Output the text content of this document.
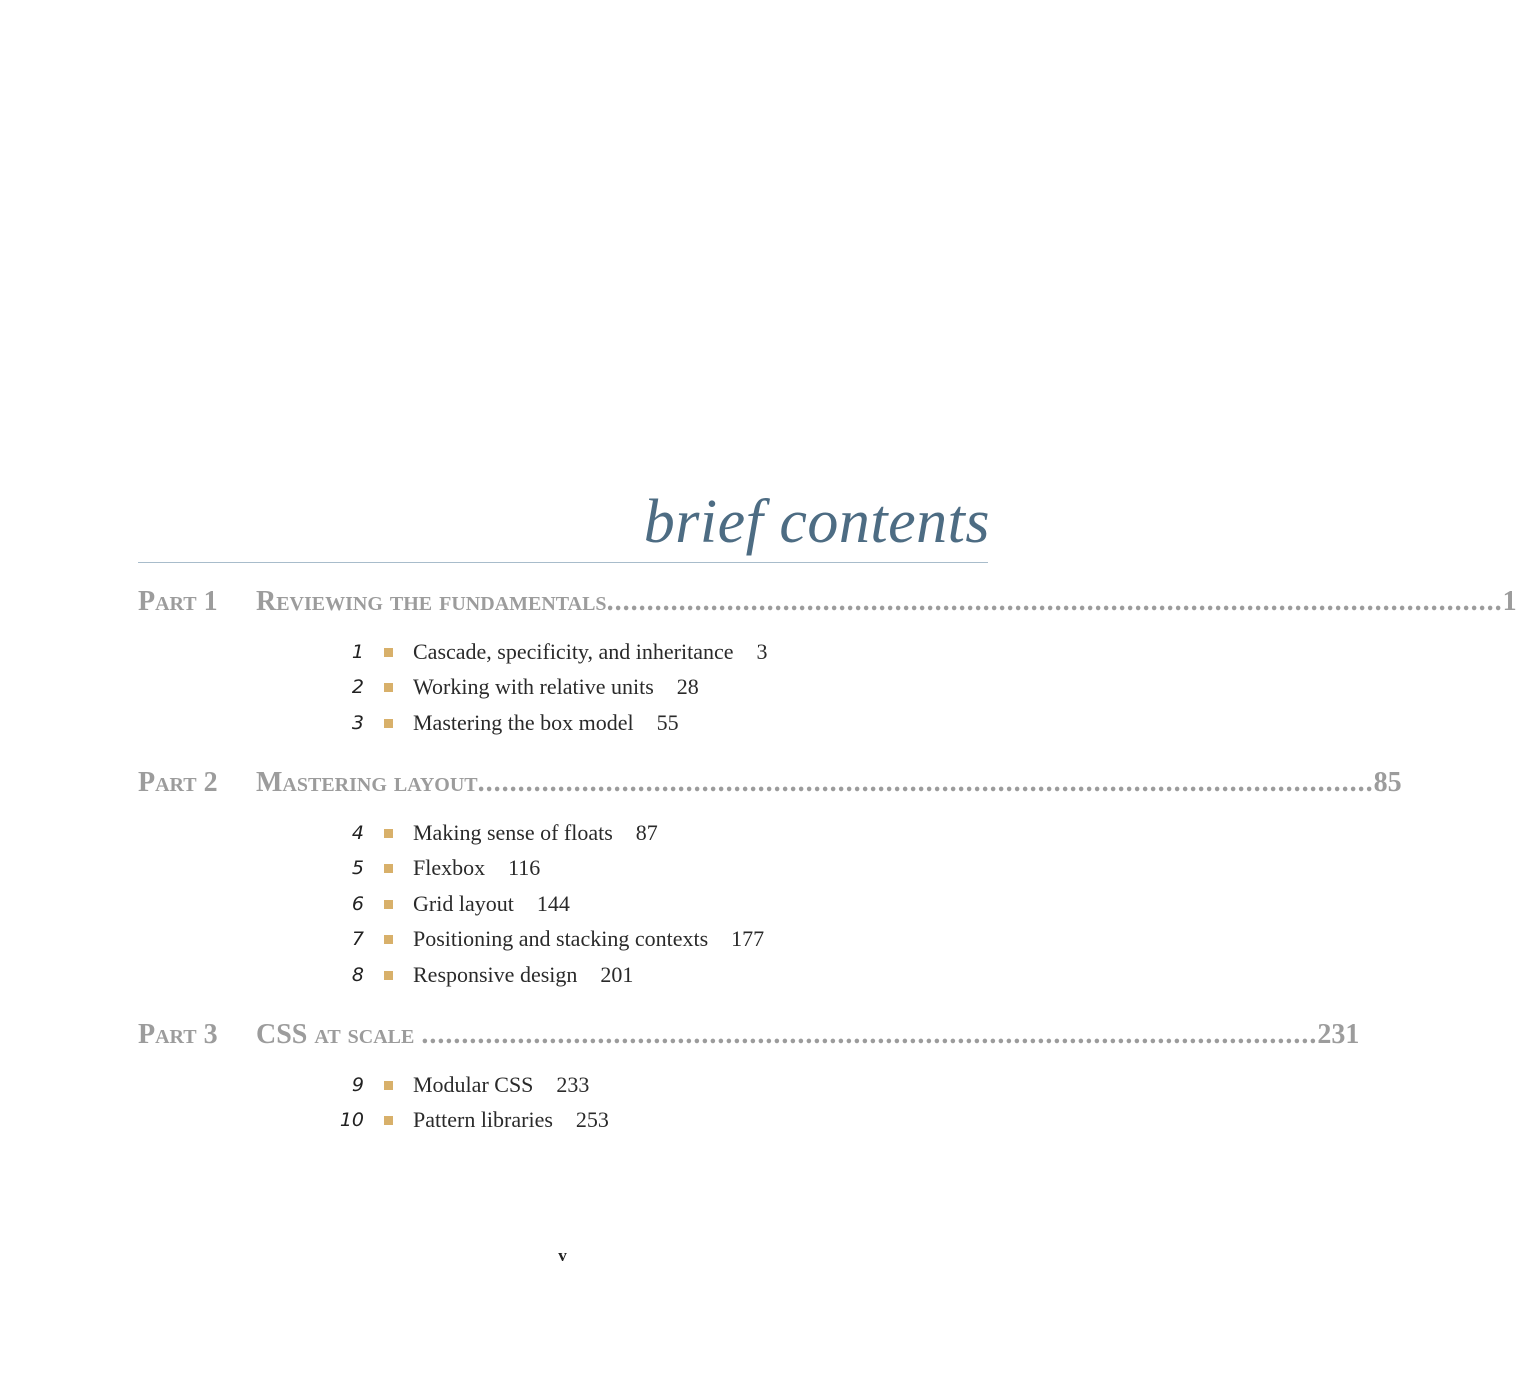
brief contents
Part 1	Reviewing the fundamentals ................................................................................................................ 1
1 Cascade, specificity, and inheritance 3
2 Working with relative units 28
3 Mastering the box model 55
Part 2	Mastering layout ................................................................................................................ 85
4 Making sense of floats 87
5 Flexbox 116
6 Grid layout 144
7 Positioning and stacking contexts 177
8 Responsive design 201
Part 3	CSS at scale ................................................................................................................ 231
9 Modular CSS 233
10 Pattern libraries 253
v
